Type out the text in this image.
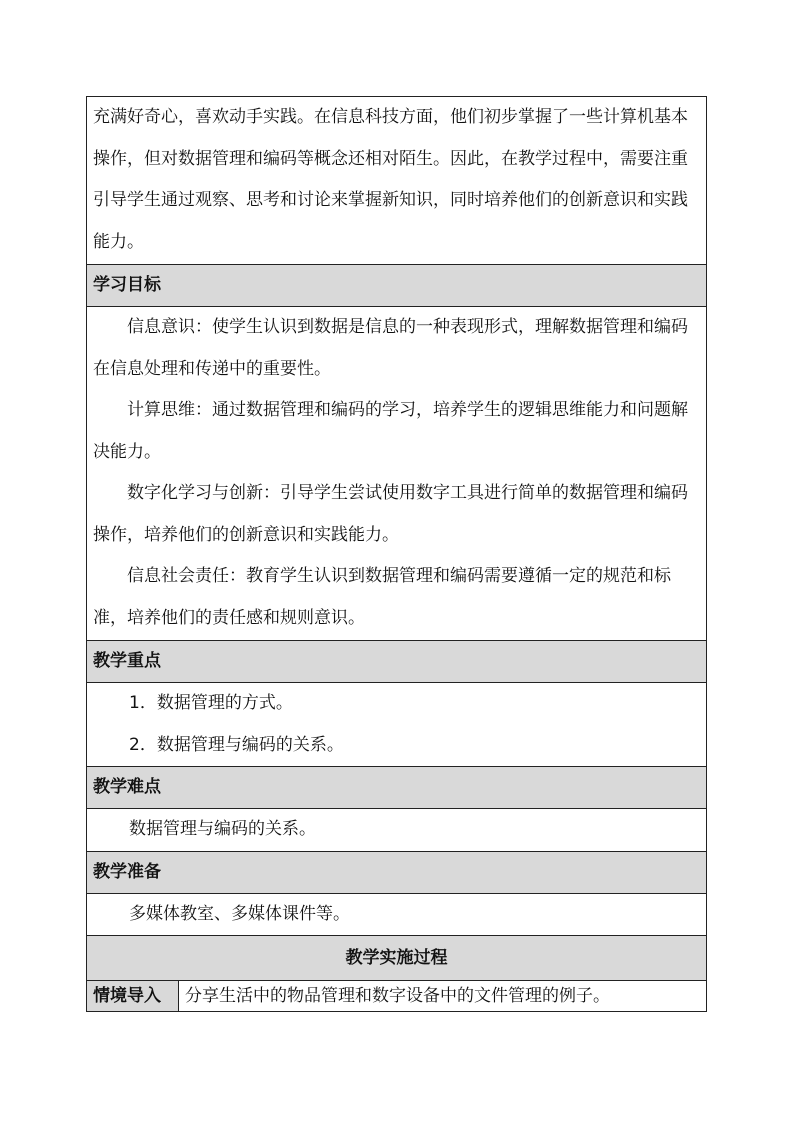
充满好奇心，喜欢动手实践。在信息科技方面，他们初步掌握了一些计算机基本操作，但对数据管理和编码等概念还相对陌生。因此，在教学过程中，需要注重引导学生通过观察、思考和讨论来掌握新知识，同时培养他们的创新意识和实践能力。

学习目标

信息意识：使学生认识到数据是信息的一种表现形式，理解数据管理和编码在信息处理和传递中的重要性。

计算思维：通过数据管理和编码的学习，培养学生的逻辑思维能力和问题解决能力。

数字化学习与创新：引导学生尝试使用数字工具进行简单的数据管理和编码操作，培养他们的创新意识和实践能力。

信息社会责任：教育学生认识到数据管理和编码需要遵循一定的规范和标准，培养他们的责任感和规则意识。

教学重点

1．数据管理的方式。

2．数据管理与编码的关系。

教学难点

数据管理与编码的关系。

教学准备

多媒体教室、多媒体课件等。

教学实施过程

情境导入	分享生活中的物品管理和数字设备中的文件管理的例子。
